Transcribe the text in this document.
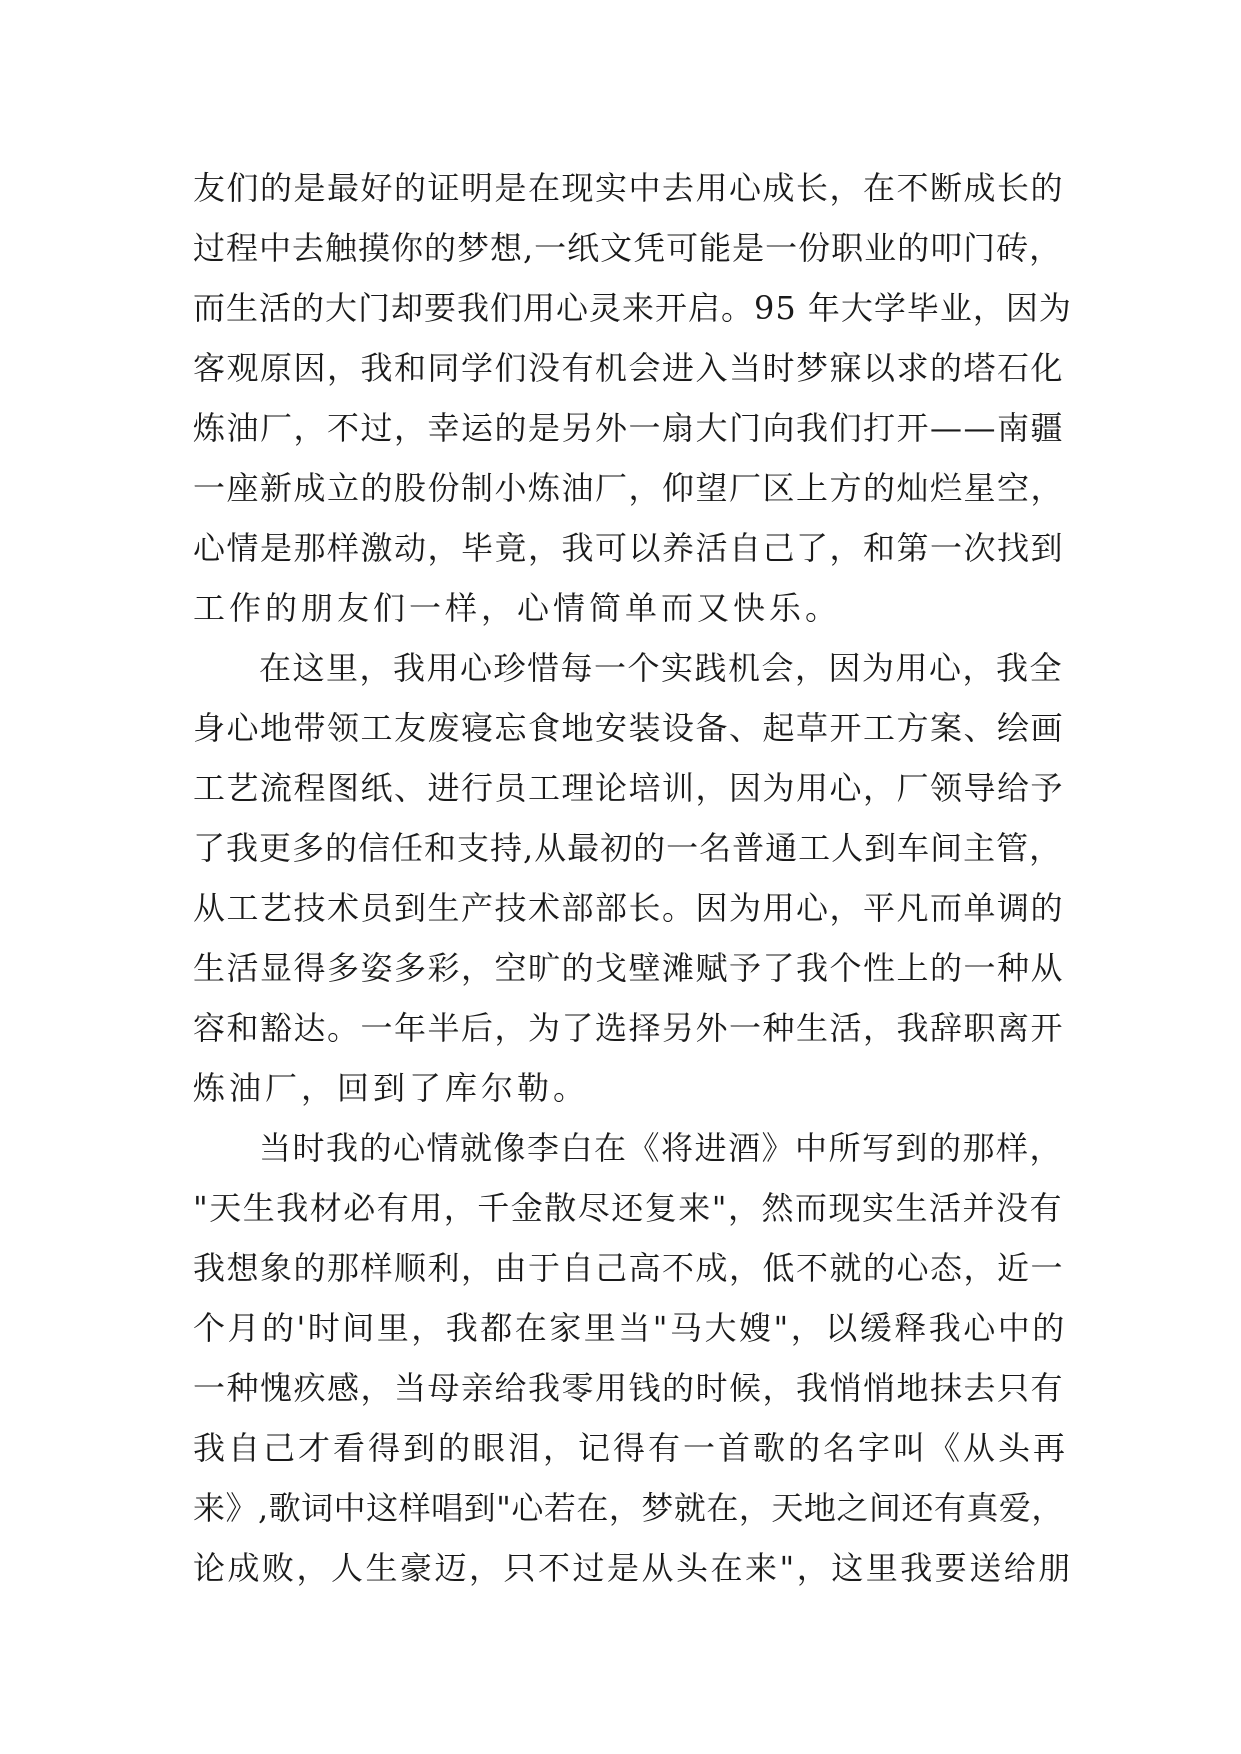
友们的是最好的证明是在现实中去用心成长，在不断成长的
过程中去触摸你的梦想,一纸文凭可能是一份职业的叩门砖，
而生活的大门却要我们用心灵来开启。95 年大学毕业，因为
客观原因，我和同学们没有机会进入当时梦寐以求的塔石化
炼油厂，不过，幸运的是另外一扇大门向我们打开——南疆
一座新成立的股份制小炼油厂，仰望厂区上方的灿烂星空，
心情是那样激动，毕竟，我可以养活自己了，和第一次找到
工作的朋友们一样，心情简单而又快乐。
在这里，我用心珍惜每一个实践机会，因为用心，我全
身心地带领工友废寝忘食地安装设备、起草开工方案、绘画
工艺流程图纸、进行员工理论培训，因为用心，厂领导给予
了我更多的信任和支持,从最初的一名普通工人到车间主管，
从工艺技术员到生产技术部部长。因为用心，平凡而单调的
生活显得多姿多彩，空旷的戈壁滩赋予了我个性上的一种从
容和豁达。一年半后，为了选择另外一种生活，我辞职离开
炼油厂，回到了库尔勒。
当时我的心情就像李白在《将进酒》中所写到的那样，
"天生我材必有用，千金散尽还复来"，然而现实生活并没有
我想象的那样顺利，由于自己高不成，低不就的心态，近一
个月的'时间里，我都在家里当"马大嫂"，以缓释我心中的
一种愧疚感，当母亲给我零用钱的时候，我悄悄地抹去只有
我自己才看得到的眼泪，记得有一首歌的名字叫《从头再
来》,歌词中这样唱到"心若在，梦就在，天地之间还有真爱，
论成败，人生豪迈，只不过是从头在来"，这里我要送给朋
